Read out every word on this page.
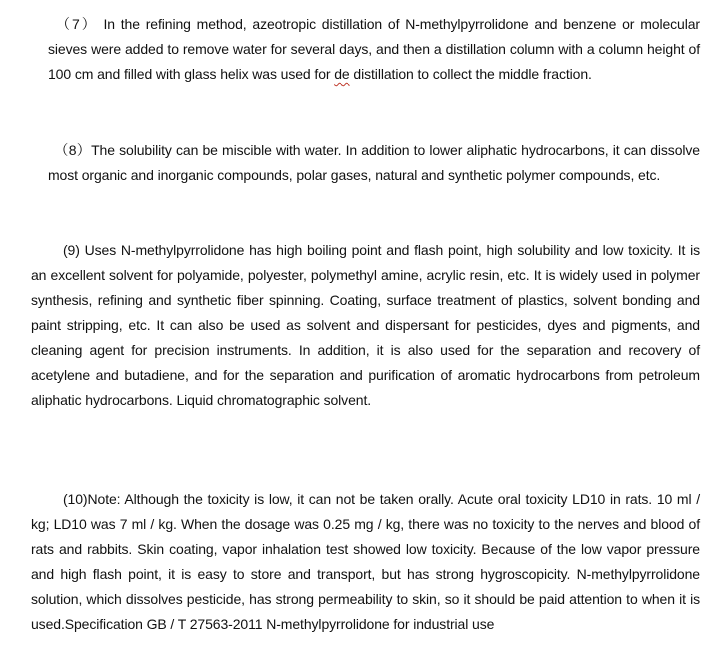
（7） In the refining method, azeotropic distillation of N-methylpyrrolidone and benzene or molecular sieves were added to remove water for several days, and then a distillation column with a column height of 100 cm and filled with glass helix was used for de distillation to collect the middle fraction.

（8）The solubility can be miscible with water. In addition to lower aliphatic hydrocarbons, it can dissolve most organic and inorganic compounds, polar gases, natural and synthetic polymer compounds, etc.

(9) Uses N-methylpyrrolidone has high boiling point and flash point, high solubility and low toxicity. It is an excellent solvent for polyamide, polyester, polymethyl amine, acrylic resin, etc. It is widely used in polymer synthesis, refining and synthetic fiber spinning. Coating, surface treatment of plastics, solvent bonding and paint stripping, etc. It can also be used as solvent and dispersant for pesticides, dyes and pigments, and cleaning agent for precision instruments. In addition, it is also used for the separation and recovery of acetylene and butadiene, and for the separation and purification of aromatic hydrocarbons from petroleum aliphatic hydrocarbons. Liquid chromatographic solvent.

(10)Note: Although the toxicity is low, it can not be taken orally. Acute oral toxicity LD10 in rats. 10 ml / kg; LD10 was 7 ml / kg. When the dosage was 0.25 mg / kg, there was no toxicity to the nerves and blood of rats and rabbits. Skin coating, vapor inhalation test showed low toxicity. Because of the low vapor pressure and high flash point, it is easy to store and transport, but has strong hygroscopicity. N-methylpyrrolidone solution, which dissolves pesticide, has strong permeability to skin, so it should be paid attention to when it is used.Specification GB / T 27563-2011 N-methylpyrrolidone for industrial use
